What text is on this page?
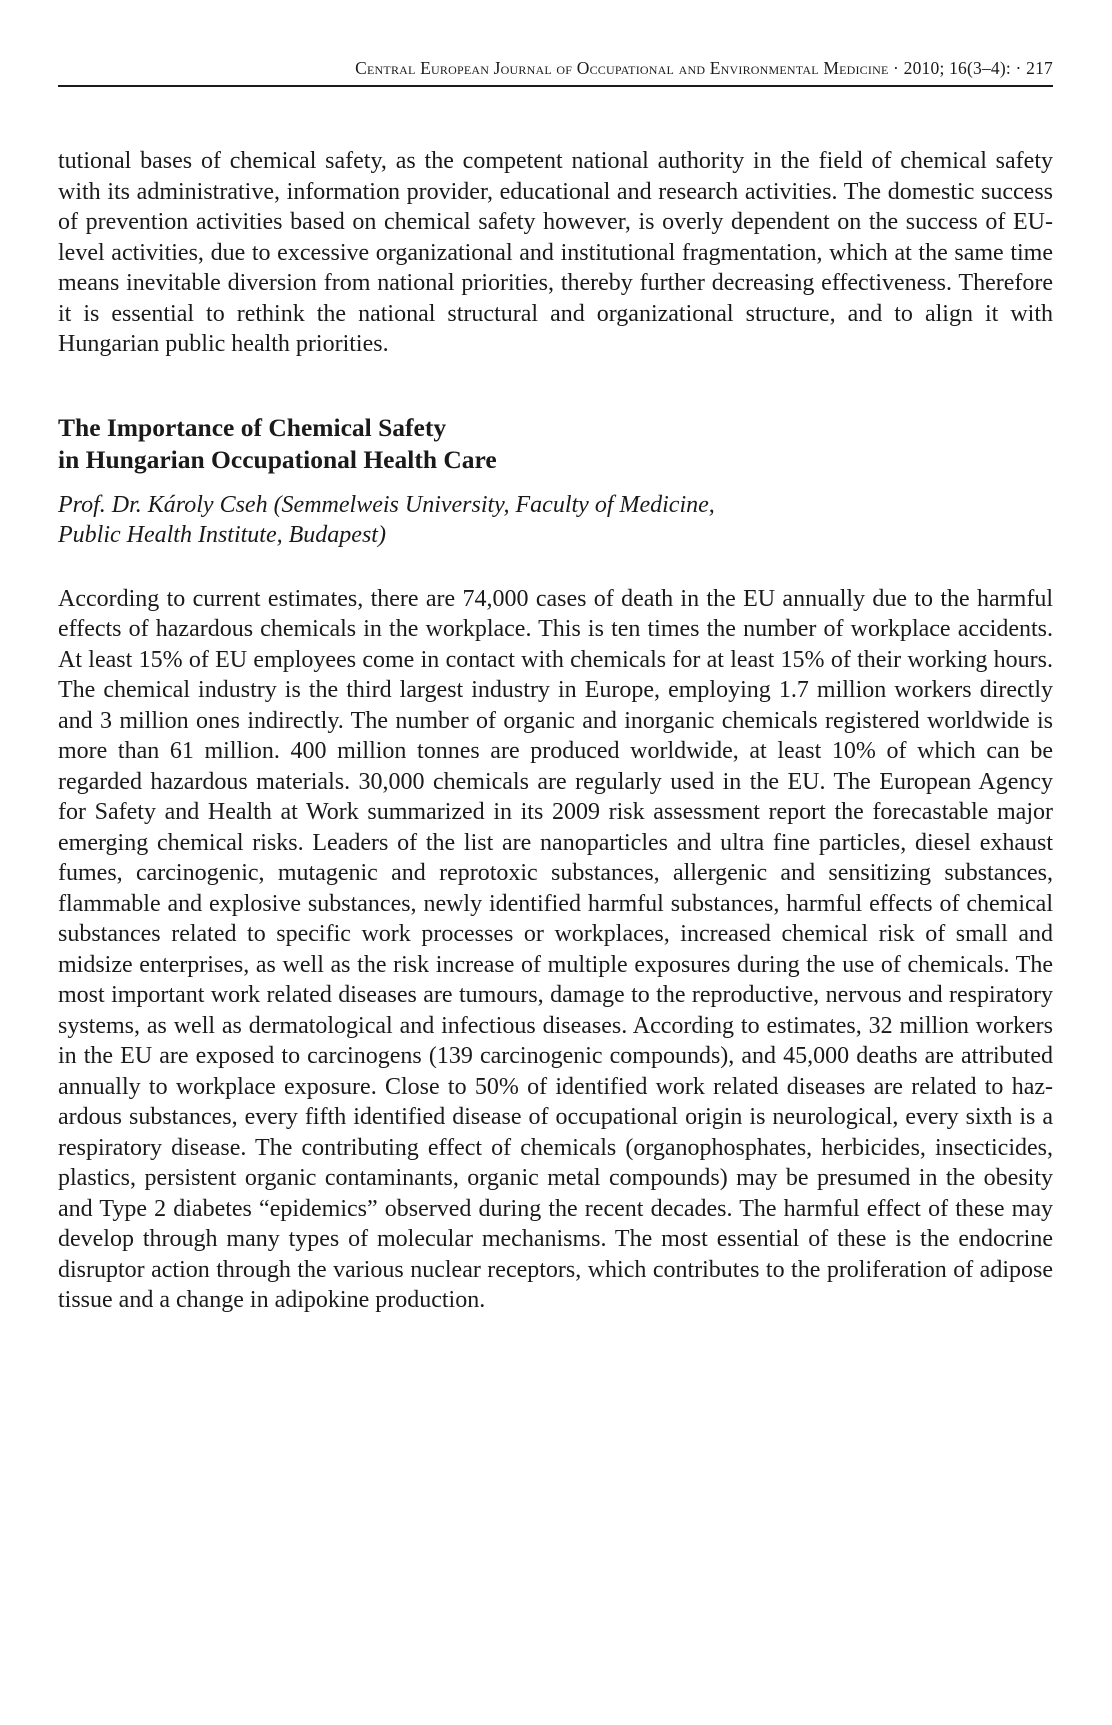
Central European Journal of Occupational and Environmental Medicine · 2010; 16(3–4): · 217

tutional bases of chemical safety, as the competent national authority in the field of chemical safety with its administrative, information provider, educational and research activities. The domestic success of prevention activities based on chemical safety however, is overly dependent on the success of EU-level activities, due to excessive organizational and institutional fragmentation, which at the same time means inevitable diversion from national priorities, thereby further decreasing effectiveness. Therefore it is essential to rethink the national structural and organizational structure, and to align it with Hungarian public health priorities.

The Importance of Chemical Safety
in Hungarian Occupational Health Care

Prof. Dr. Károly Cseh (Semmelweis University, Faculty of Medicine,
Public Health Institute, Budapest)

According to current estimates, there are 74,000 cases of death in the EU annually due to the harmful effects of hazardous chemicals in the workplace. This is ten times the number of workplace accidents. At least 15% of EU employees come in contact with chemicals for at least 15% of their working hours. The chemical industry is the third largest industry in Europe, employing 1.7 million workers directly and 3 million ones indirectly. The number of organic and inorganic chemicals registered worldwide is more than 61 million. 400 million tonnes are produced worldwide, at least 10% of which can be regarded hazardous materials. 30,000 chemicals are regularly used in the EU. The European Agency for Safety and Health at Work summarized in its 2009 risk assessment report the forecastable major emerging chemical risks. Leaders of the list are nanoparticles and ultra fine particles, diesel exhaust fumes, carcinogenic, mutagenic and reprotoxic substances, allergenic and sensitizing substances, flammable and explosive substances, newly identified harmful substances, harmful effects of chemical substances related to specific work processes or workplaces, increased chemical risk of small and midsize enterprises, as well as the risk increase of multiple exposures during the use of chemicals. The most important work related diseases are tumours, damage to the reproductive, nervous and respiratory systems, as well as dermatological and infectious diseases. According to estimates, 32 million workers in the EU are exposed to carcinogens (139 carcinogenic compounds), and 45,000 deaths are attributed annually to workplace exposure. Close to 50% of identified work related diseases are related to hazardous substances, every fifth identified disease of occupational origin is neurological, every sixth is a respiratory disease. The contributing effect of chemicals (organophosphates, herbicides, insecticides, plastics, persistent organic contaminants, organic metal compounds) may be presumed in the obesity and Type 2 diabetes “epidemics” observed during the recent decades. The harmful effect of these may develop through many types of molecular mechanisms. The most essential of these is the endocrine disruptor action through the various nuclear receptors, which contributes to the proliferation of adipose tissue and a change in adipokine production.
